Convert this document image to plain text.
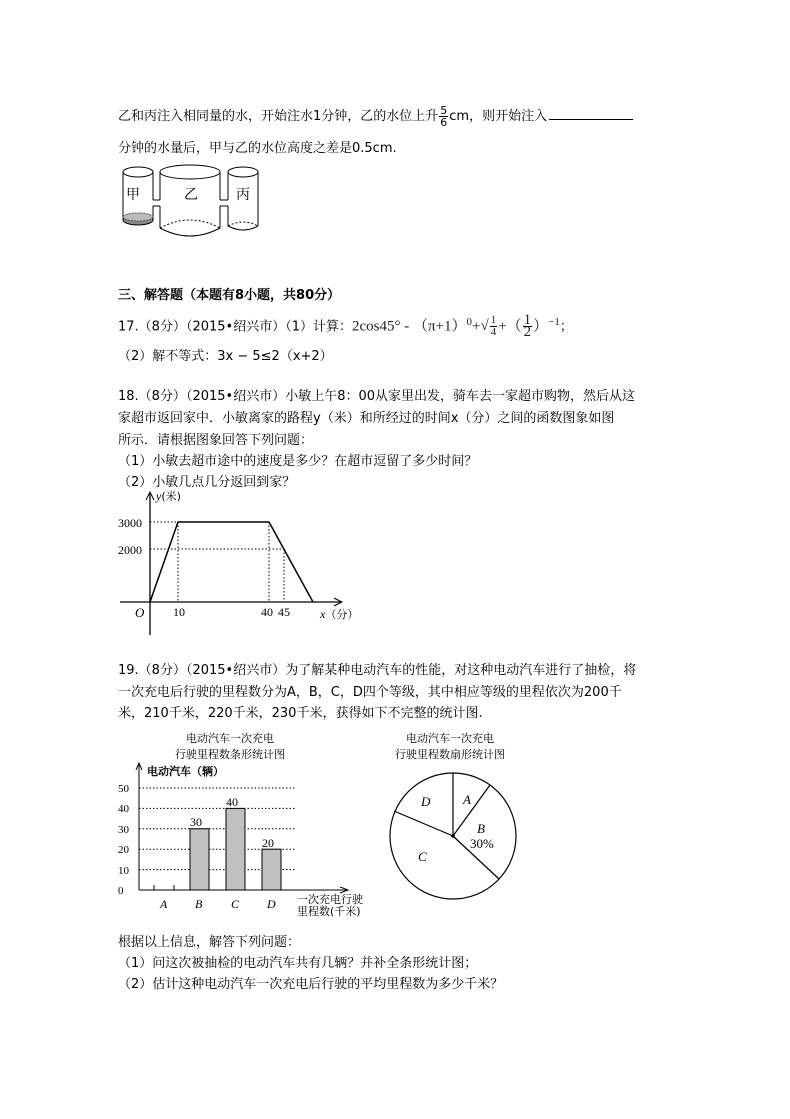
乙和丙注入相同量的水，开始注水1分钟，乙的水位上升 $\frac{5}{6}$ cm，则开始注入
分钟的水量后，甲与乙的水位高度之差是0.5cm.
甲	乙	丙
三、解答题（本题有8小题，共80分）
17.（8分）（2015•绍兴市）（1）计算：$2\cos 45^\circ - (\pi+1)^0+√ \frac{1}{4}$ +（ $\frac{1}{2} )^{-1}$；
（2）解不等式：3x − 5≤2（x+2）
18.（8分）（2015•绍兴市）小敏上午8：00从家里出发，骑车去一家超市购物，然后从这
家超市返回家中．小敏离家的路程y（米）和所经过的时间x（分）之间的函数图象如图
所示．请根据图象回答下列问题：
（1）小敏去超市途中的速度是多少？在超市逗留了多少时间？
（2）小敏几点几分返回到家？
3000
2000
O 10	40 45	x（分）
y(米)
19.（8分）（2015•绍兴市）为了解某种电动汽车的性能，对这种电动汽车进行了抽检，将
一次充电后行驶的里程数分为A，B，C，D四个等级，其中相应等级的里程依次为200千
米，210千米，220千米，230千米，获得如下不完整的统计图.
电动汽车一次充电
行驶里程数条形统计图
电动汽车（辆）
30
40
20
0
10
20
30
40
50
A B C D 一次充电行驶
里程数(千米)
电动汽车一次充电
行驶里程数扇形统计图
A
B
30%
D
C
根据以上信息，解答下列问题：
（1）问这次被抽检的电动汽车共有几辆？并补全条形统计图；
（2）估计这种电动汽车一次充电后行驶的平均里程数为多少千米？
